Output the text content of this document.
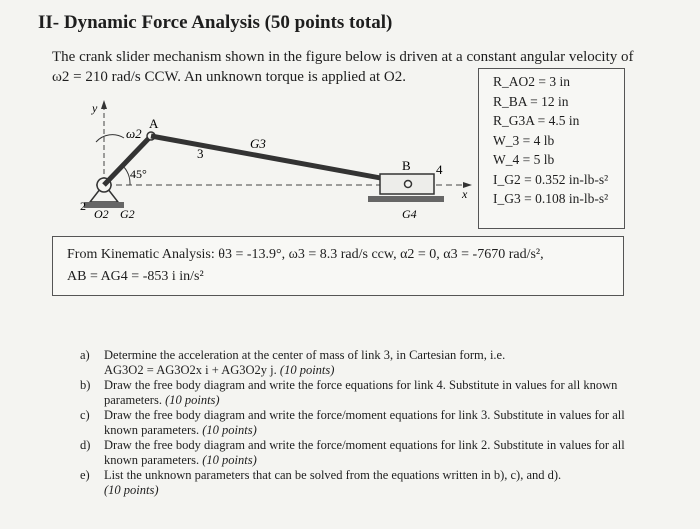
II- Dynamic Force Analysis (50 points total)
The crank slider mechanism shown in the figure below is driven at a constant angular velocity of
ω2 = 210 rad/s CCW. An unknown torque is applied at O2.
y
ω2
A
3
G3
45°
2
O2 G2
B 4
G4
x
R_AO2 = 3 in
R_BA = 12 in
R_G3A = 4.5 in
W_3 = 4 lb
W_4 = 5 lb
I_G2 = 0.352 in-lb-s²
I_G3 = 0.108 in-lb-s²
From Kinematic Analysis: θ3 = -13.9°, ω3 = 8.3 rad/s ccw, α2 = 0, α3 = -7670 rad/s²,
AB = AG4 = -853 i in/s²
a)	Determine the acceleration at the center of mass of link 3, in Cartesian form, i.e.
AG3O2 = AG3O2x i + AG3O2y j. (10 points)
b)	Draw the free body diagram and write the force equations for link 4. Substitute in values for all known parameters. (10 points)
c)	Draw the free body diagram and write the force/moment equations for link 3. Substitute in values for all known parameters. (10 points)
d)	Draw the free body diagram and write the force/moment equations for link 2. Substitute in values for all known parameters. (10 points)
e)	List the unknown parameters that can be solved from the equations written in b), c), and d).
(10 points)
